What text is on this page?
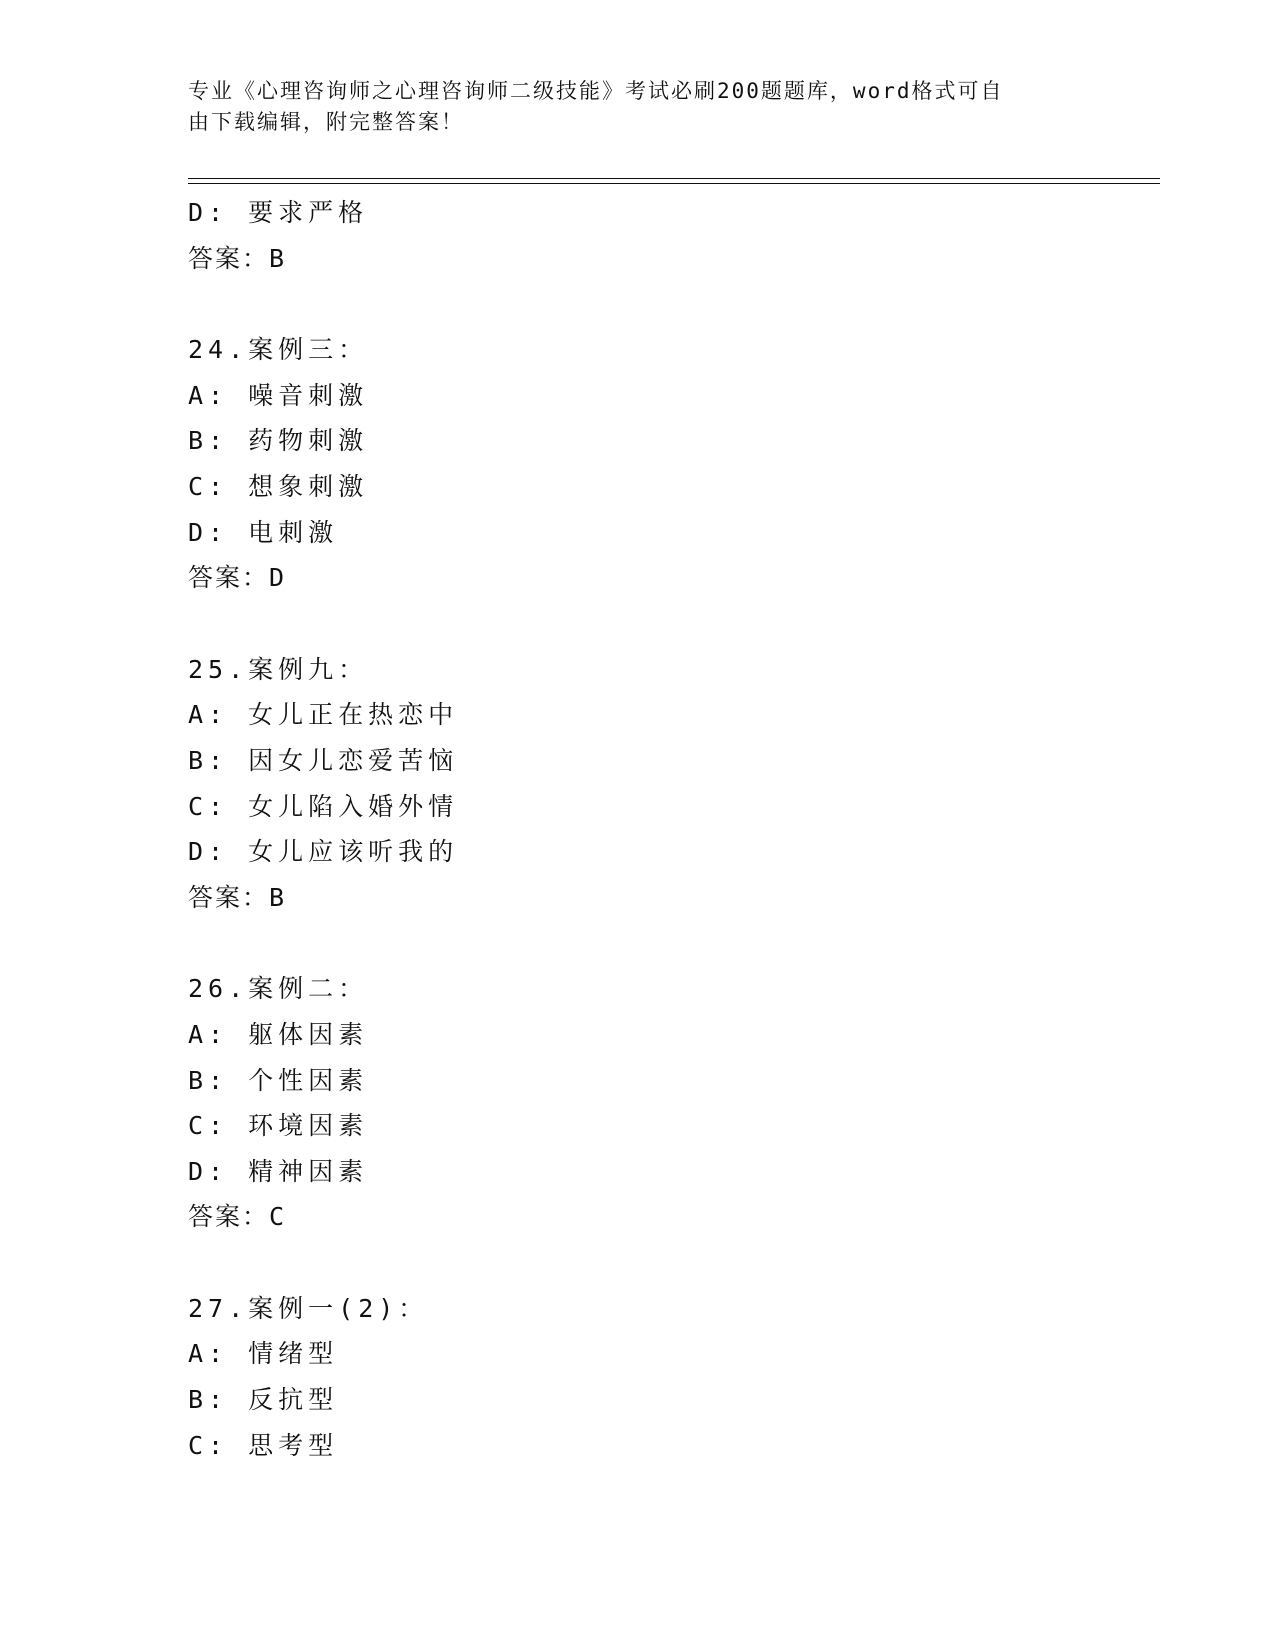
专业《心理咨询师之心理咨询师二级技能》考试必刷200题题库，word格式可自
由下载编辑，附完整答案！
D: 要求严格
答案：B
24.案例三：
A: 噪音刺激
B: 药物刺激
C: 想象刺激
D: 电刺激
答案：D
25.案例九：
A: 女儿正在热恋中
B: 因女儿恋爱苦恼
C: 女儿陷入婚外情
D: 女儿应该听我的
答案：B
26.案例二：
A: 躯体因素
B: 个性因素
C: 环境因素
D: 精神因素
答案：C
27.案例一(2)：
A: 情绪型
B: 反抗型
C: 思考型
